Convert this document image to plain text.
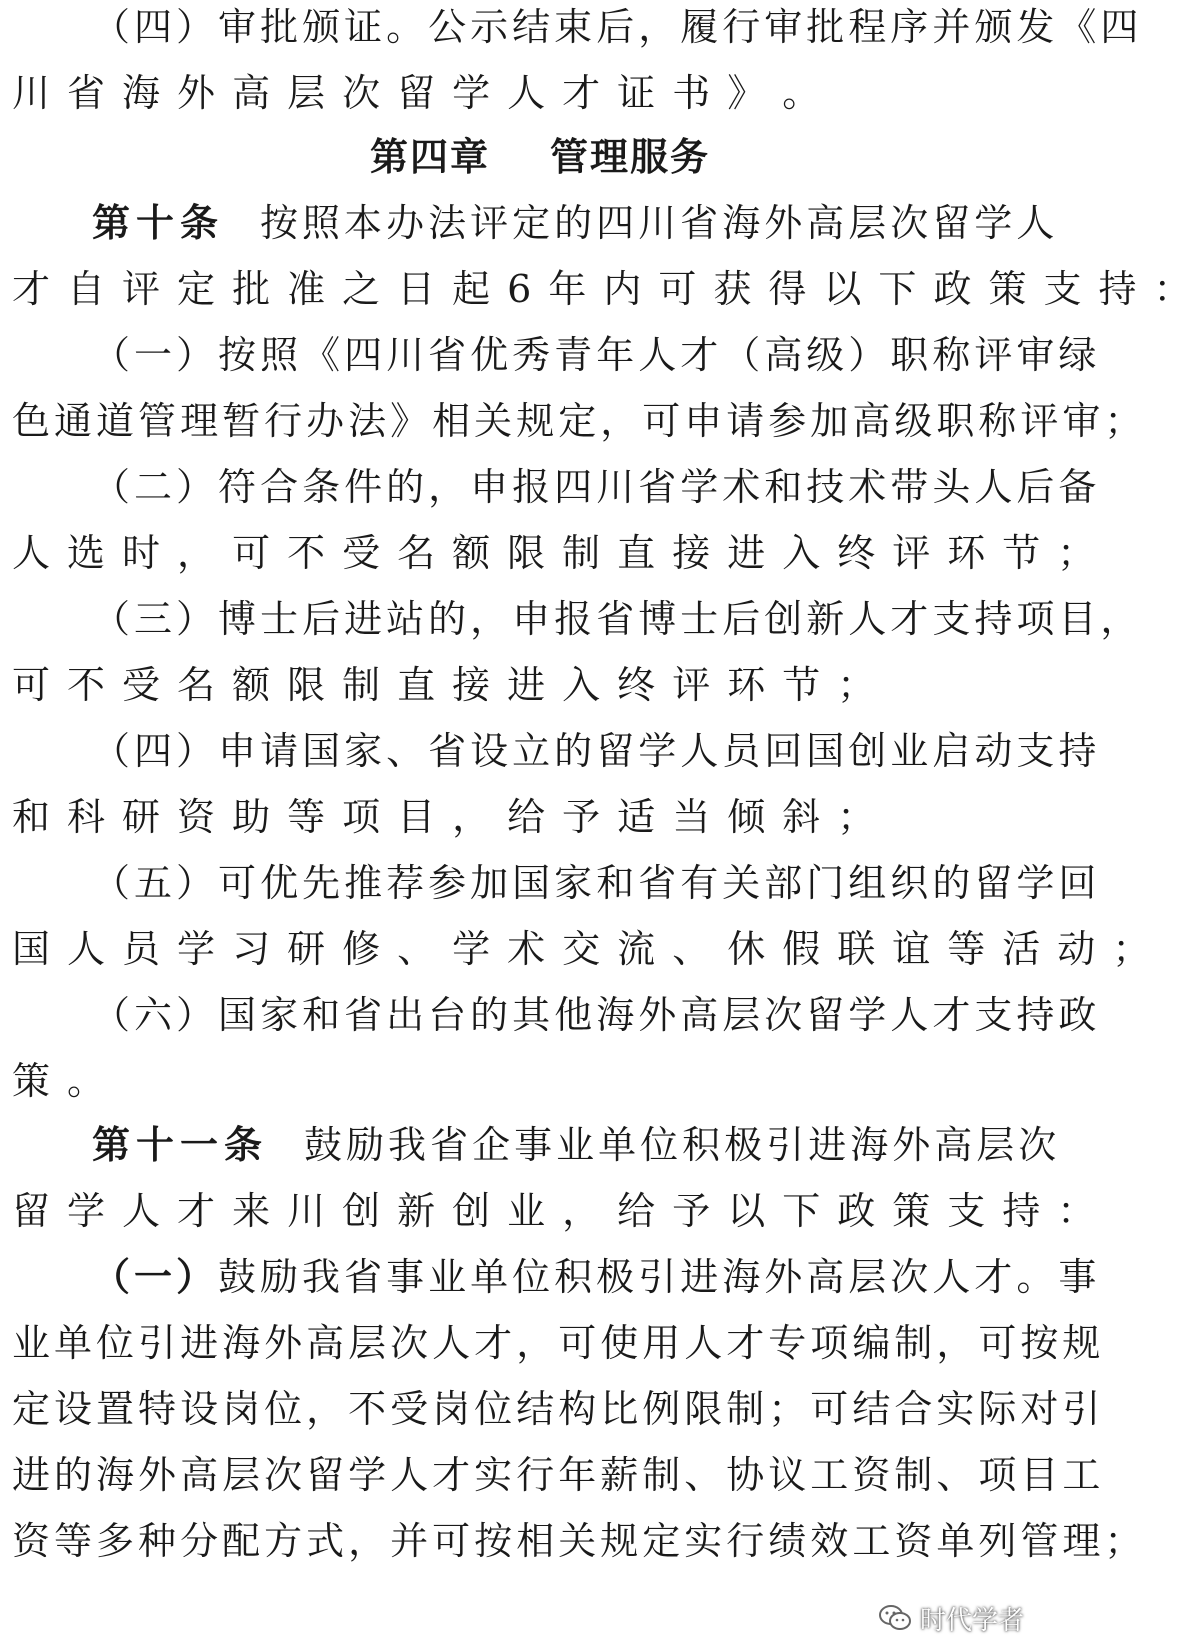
（ 四 ） 审 批 颁 证 。 公 示 结 束 后 ， 履 行 审 批 程 序 并 颁 发 《 四
川 省 海 外 高 层 次 留 学 人 才 证 书 》 。
第十条 按 照 本 办 法 评 定 的 四 川 省 海 外 高 层 次 留 学 人
才 自 评 定 批 准 之 日 起 6 年 内 可 获 得 以 下 政 策 支 持 ：
（ 一 ） 按 照 《 四 川 省 优 秀 青 年 人 才 （ 高 级 ） 职 称 评 审 绿
色 通 道 管 理 暂 行 办 法 》 相 关 规 定 ， 可 申 请 参 加 高 级 职 称 评 审 ；
（ 二 ） 符 合 条 件 的 ， 申 报 四 川 省 学 术 和 技 术 带 头 人 后 备
人 选 时 ， 可 不 受 名 额 限 制 直 接 进 入 终 评 环 节 ；
（ 三 ） 博 士 后 进 站 的 ， 申 报 省 博 士 后 创 新 人 才 支 持 项 目 ，
可 不 受 名 额 限 制 直 接 进 入 终 评 环 节 ；
（ 四 ） 申 请 国 家 、 省 设 立 的 留 学 人 员 回 国 创 业 启 动 支 持
和 科 研 资 助 等 项 目 ， 给 予 适 当 倾 斜 ；
（ 五 ） 可 优 先 推 荐 参 加 国 家 和 省 有 关 部 门 组 织 的 留 学 回
国 人 员 学 习 研 修 、 学 术 交 流 、 休 假 联 谊 等 活 动 ；
（ 六 ） 国 家 和 省 出 台 的 其 他 海 外 高 层 次 留 学 人 才 支 持 政
策 。
第十一条 鼓 励 我 省 企 事 业 单 位 积 极 引 进 海 外 高 层 次
留 学 人 才 来 川 创 新 创 业 ， 给 予 以 下 政 策 支 持 ：
（一） 鼓 励 我 省 事 业 单 位 积 极 引 进 海 外 高 层 次 人 才 。 事
业 单 位 引 进 海 外 高 层 次 人 才 ， 可 使 用 人 才 专 项 编 制 ， 可 按 规
定 设 置 特 设 岗 位 ， 不 受 岗 位 结 构 比 例 限 制 ； 可 结 合 实 际 对 引
进 的 海 外 高 层 次 留 学 人 才 实 行 年 薪 制 、 协 议 工 资 制 、 项 目 工
资 等 多 种 分 配 方 式 ， 并 可 按 相 关 规 定 实 行 绩 效 工 资 单 列 管 理 ；
第四章 管理服务
时代学者
